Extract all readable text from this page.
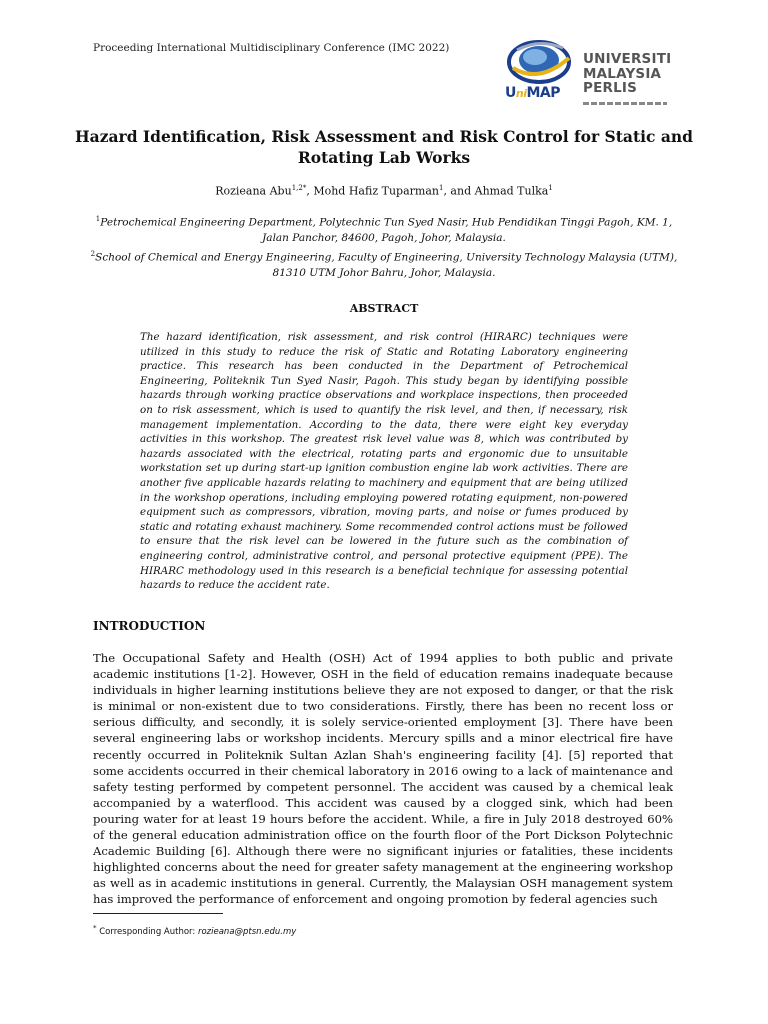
Proceeding International Multidisciplinary Conference (IMC 2022)
UniMAP
UNIVERSITI
MALAYSIA
PERLIS
Hazard Identification, Risk Assessment and Risk Control for Static and Rotating Lab Works
Rozieana Abu$^{1,2*}$, Mohd Hafiz Tuparman$^1$, and Ahmad Tulka$^1$
$^1$Petrochemical Engineering Department, Polytechnic Tun Syed Nasir, Hub Pendidikan Tinggi Pagoh, KM. 1, Jalan Panchor, 84600, Pagoh, Johor, Malaysia.
$^2$School of Chemical and Energy Engineering, Faculty of Engineering, University Technology Malaysia (UTM), 81310 UTM Johor Bahru, Johor, Malaysia.
ABSTRACT
The hazard identification, risk assessment, and risk control (HIRARC) techniques were utilized in this study to reduce the risk of Static and Rotating Laboratory engineering practice. This research has been conducted in the Department of Petrochemical Engineering, Politeknik Tun Syed Nasir, Pagoh. This study began by identifying possible hazards through working practice observations and workplace inspections, then proceeded on to risk assessment, which is used to quantify the risk level, and then, if necessary, risk management implementation. According to the data, there were eight key everyday activities in this workshop. The greatest risk level value was 8, which was contributed by hazards associated with the electrical, rotating parts and ergonomic due to unsuitable workstation set up during start-up ignition combustion engine lab work activities. There are another five applicable hazards relating to machinery and equipment that are being utilized in the workshop operations, including employing powered rotating equipment, non-powered equipment such as compressors, vibration, moving parts, and noise or fumes produced by static and rotating exhaust machinery. Some recommended control actions must be followed to ensure that the risk level can be lowered in the future such as the combination of engineering control, administrative control, and personal protective equipment (PPE). The HIRARC methodology used in this research is a beneficial technique for assessing potential hazards to reduce the accident rate.
INTRODUCTION
The Occupational Safety and Health (OSH) Act of 1994 applies to both public and private academic institutions [1-2]. However, OSH in the field of education remains inadequate because individuals in higher learning institutions believe they are not exposed to danger, or that the risk is minimal or non-existent due to two considerations. Firstly, there has been no recent loss or serious difficulty, and secondly, it is solely service-oriented employment [3]. There have been several engineering labs or workshop incidents. Mercury spills and a minor electrical fire have recently occurred in Politeknik Sultan Azlan Shah's engineering facility [4]. [5] reported that some accidents occurred in their chemical laboratory in 2016 owing to a lack of maintenance and safety testing performed by competent personnel. The accident was caused by a chemical leak accompanied by a waterflood. This accident was caused by a clogged sink, which had been pouring water for at least 19 hours before the accident. While, a fire in July 2018 destroyed 60% of the general education administration office on the fourth floor of the Port Dickson Polytechnic Academic Building [6]. Although there were no significant injuries or fatalities, these incidents highlighted concerns about the need for greater safety management at the engineering workshop as well as in academic institutions in general. Currently, the Malaysian OSH management system has improved the performance of enforcement and ongoing promotion by federal agencies such
* Corresponding Author: rozieana@ptsn.edu.my
